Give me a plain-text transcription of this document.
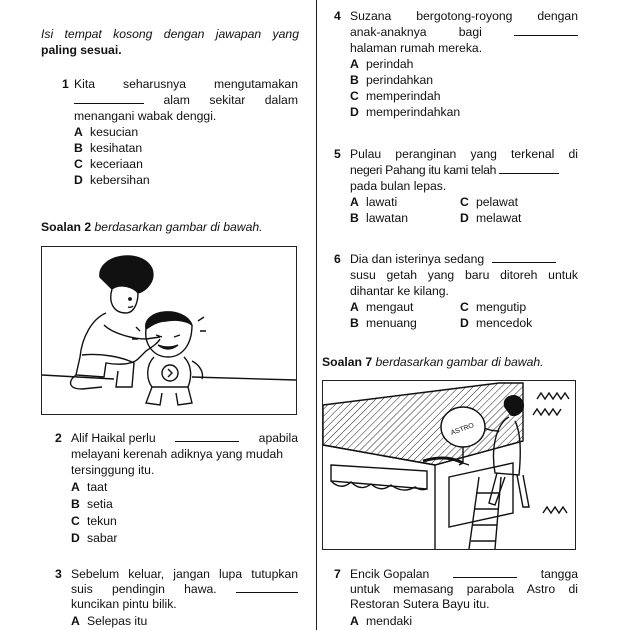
Isi tempat kosong dengan jawapan yang
paling sesuai.
1 Kita seharusnya mengutamakan
alam sekitar dalam
menangani wabak denggi.
A kesucian
B kesihatan
C keceriaan
D kebersihan
Soalan 2 berdasarkan gambar di bawah.
2 Alif Haikal perlu	apabila
melayani kerenah adiknya yang mudah
tersinggung itu.
A taat
B setia
C tekun
D sabar
3 Sebelum keluar, jangan lupa tutupkan
suis pendingin hawa.
kuncikan pintu bilik.
A Selepas itu
4 Suzana bergotong-royong dengan
anak-anaknya	bagi
halaman rumah mereka.
A perindah
B perindahkan
C memperindah
D memperindahkan
5 Pulau peranginan yang terkenal di
negeri Pahang itu kami telah
pada bulan lepas.
A lawati
B lawatan
C pelawat
D melawat
6 Dia dan isterinya sedang
susu getah yang baru ditoreh untuk
dihantar ke kilang.
A mengaut
B menuang
C mengutip
D mencedok
Soalan 7 berdasarkan gambar di bawah.
ASTRO
7 Encik Gopalan	tangga
untuk memasang parabola Astro di
Restoran Sutera Bayu itu.
A mendaki
